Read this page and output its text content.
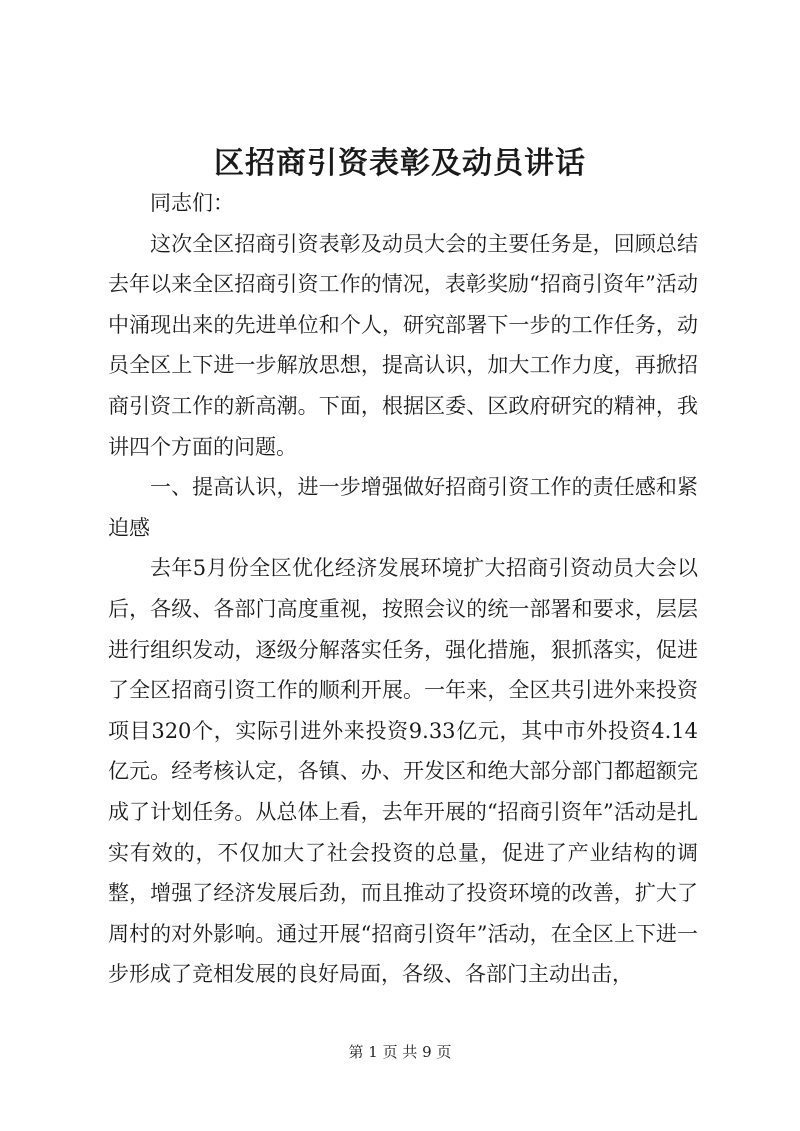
区招商引资表彰及动员讲话

同志们：

这次全区招商引资表彰及动员大会的主要任务是，回顾总结去年以来全区招商引资工作的情况，表彰奖励“招商引资年”活动中涌现出来的先进单位和个人，研究部署下一步的工作任务，动员全区上下进一步解放思想，提高认识，加大工作力度，再掀招商引资工作的新高潮。下面，根据区委、区政府研究的精神，我讲四个方面的问题。

一、提高认识，进一步增强做好招商引资工作的责任感和紧迫感

去年5月份全区优化经济发展环境扩大招商引资动员大会以后，各级、各部门高度重视，按照会议的统一部署和要求，层层进行组织发动，逐级分解落实任务，强化措施，狠抓落实，促进了全区招商引资工作的顺利开展。一年来，全区共引进外来投资项目320个，实际引进外来投资9.33亿元，其中市外投资4.14亿元。经考核认定，各镇、办、开发区和绝大部分部门都超额完成了计划任务。从总体上看，去年开展的“招商引资年”活动是扎实有效的，不仅加大了社会投资的总量，促进了产业结构的调整，增强了经济发展后劲，而且推动了投资环境的改善，扩大了周村的对外影响。通过开展“招商引资年”活动，在全区上下进一步形成了竞相发展的良好局面，各级、各部门主动出击，

第 1 页 共 9 页
